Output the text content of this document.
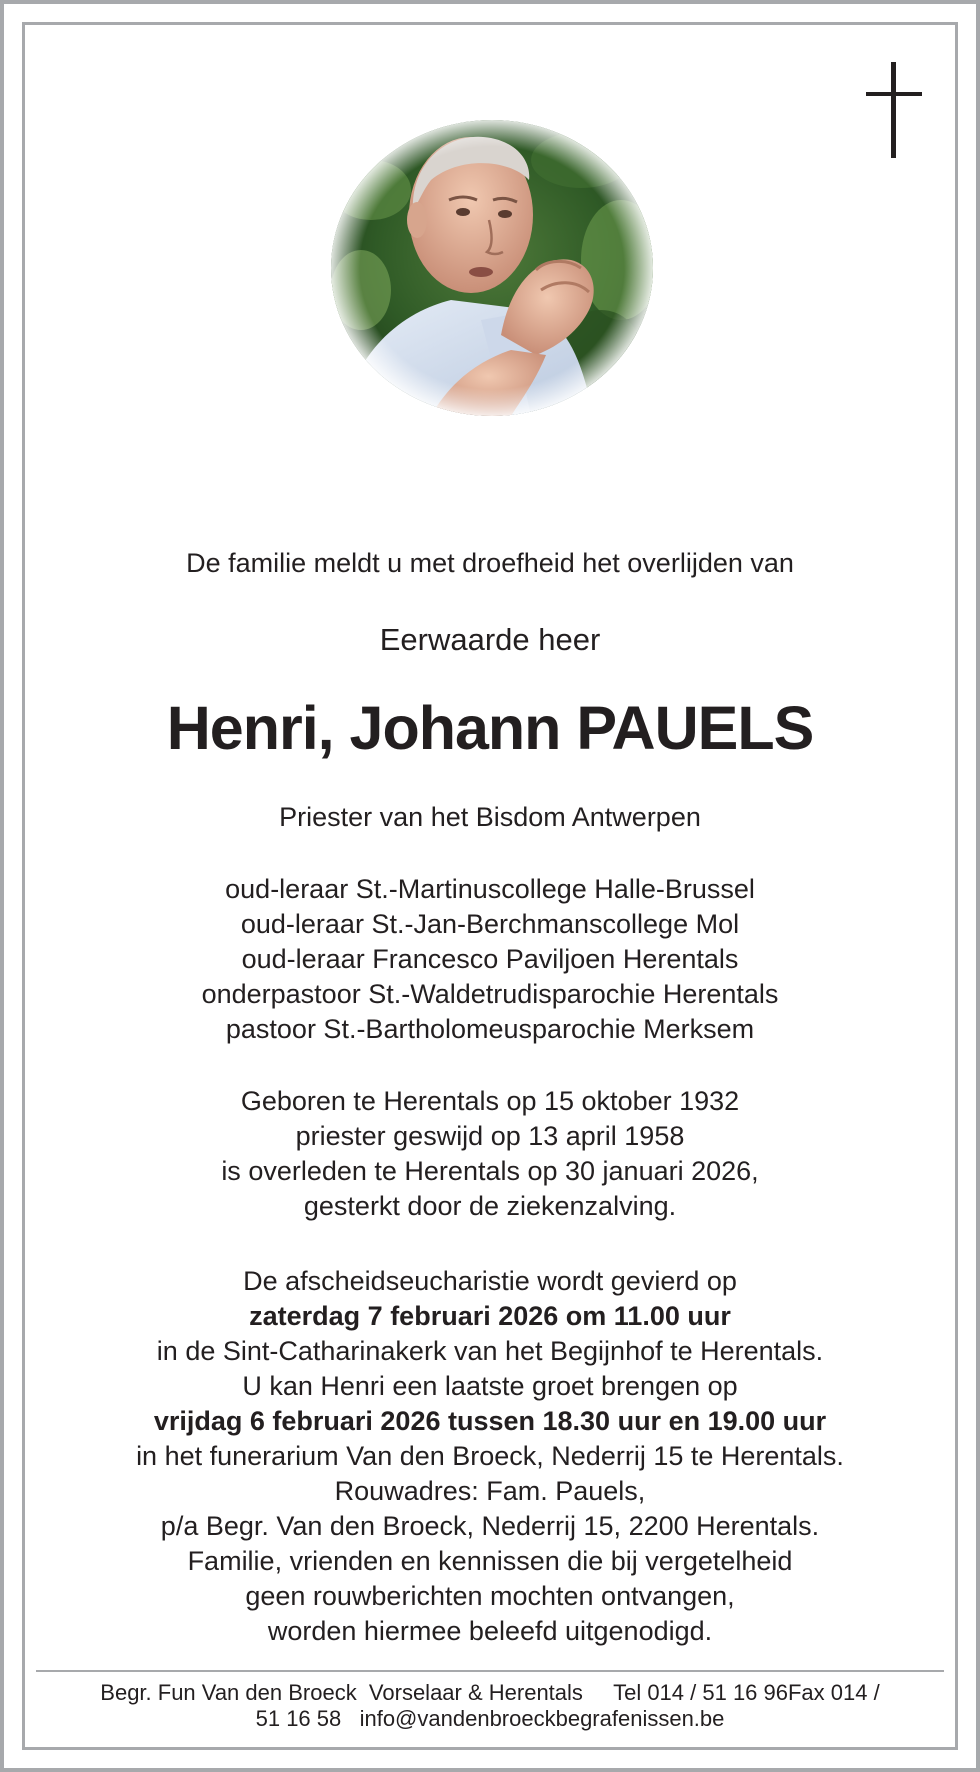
De familie meldt u met droefheid het overlijden van
Eerwaarde heer
Henri, Johann PAUELS
Priester van het Bisdom Antwerpen
oud-leraar St.-Martinuscollege Halle-Brussel
oud-leraar St.-Jan-Berchmanscollege Mol
oud-leraar Francesco Paviljoen Herentals
onderpastoor St.-Waldetrudisparochie Herentals
pastoor St.-Bartholomeusparochie Merksem
Geboren te Herentals op 15 oktober 1932
priester geswijd op 13 april 1958
is overleden te Herentals op 30 januari 2026,
gesterkt door de ziekenzalving.
De afscheidseucharistie wordt gevierd op
zaterdag 7 februari 2026 om 11.00 uur
in de Sint-Catharinakerk van het Begijnhof te Herentals.
U kan Henri een laatste groet brengen op
vrijdag 6 februari 2026 tussen 18.30 uur en 19.00 uur
in het funerarium Van den Broeck, Nederrij 15 te Herentals.
Rouwadres: Fam. Pauels,
p/a Begr. Van den Broeck, Nederrij 15, 2200 Herentals.
Familie, vrienden en kennissen die bij vergetelheid
geen rouwberichten mochten ontvangen,
worden hiermee beleefd uitgenodigd.
Begr. Fun Van den Broeck  Vorselaar & Herentals     Tel 014 / 51 16 96Fax 014 /
51 16 58   info@vandenbroeckbegrafenissen.be
